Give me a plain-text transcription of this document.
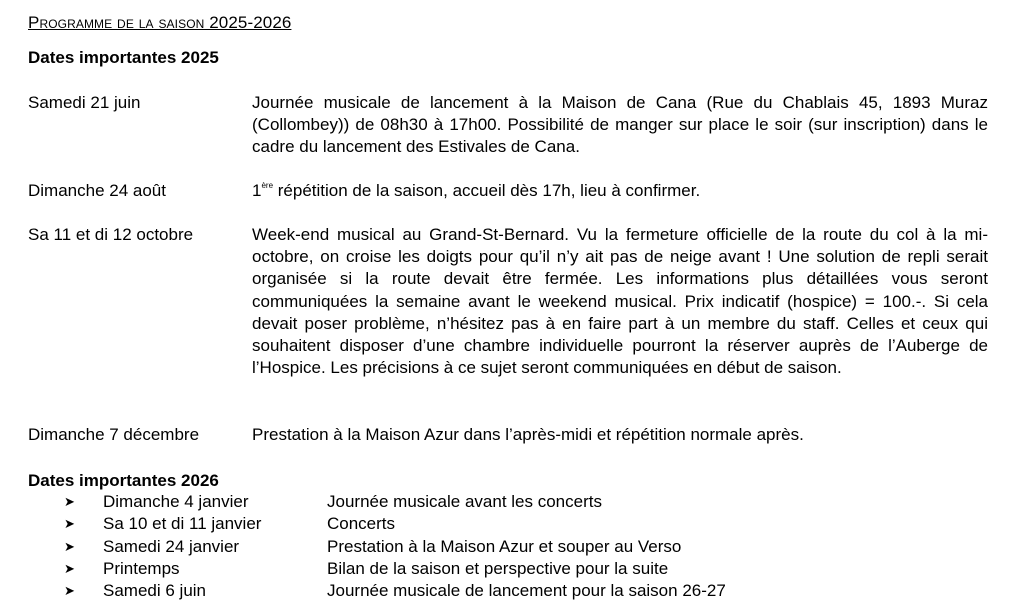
Programme de la saison 2025-2026
Dates importantes 2025
Samedi 21 juin	Journée musicale de lancement à la Maison de Cana (Rue du Chablais 45, 1893 Muraz (Collombey)) de 08h30 à 17h00. Possibilité de manger sur place le soir (sur inscription) dans le cadre du lancement des Estivales de Cana.
Dimanche 24 août	1ère répétition de la saison, accueil dès 17h, lieu à confirmer.
Sa 11 et di 12 octobre	Week-end musical au Grand-St-Bernard. Vu la fermeture officielle de la route du col à la mi-octobre, on croise les doigts pour qu’il n’y ait pas de neige avant ! Une solution de repli serait organisée si la route devait être fermée. Les informations plus détaillées vous seront communiquées la semaine avant le weekend musical. Prix indicatif (hospice) = 100.-. Si cela devait poser problème, n’hésitez pas à en faire part à un membre du staff. Celles et ceux qui souhaitent disposer d’une chambre individuelle pourront la réserver auprès de l’Auberge de l’Hospice. Les précisions à ce sujet seront communiquées en début de saison.
Dimanche 7 décembre	Prestation à la Maison Azur dans l’après-midi et répétition normale après.
Dates importantes 2026
➤ Dimanche 4 janvier	Journée musicale avant les concerts
➤ Sa 10 et di 11 janvier	Concerts
➤ Samedi 24 janvier	Prestation à la Maison Azur et souper au Verso
➤ Printemps	Bilan de la saison et perspective pour la suite
➤ Samedi 6 juin	Journée musicale de lancement pour la saison 26-27
